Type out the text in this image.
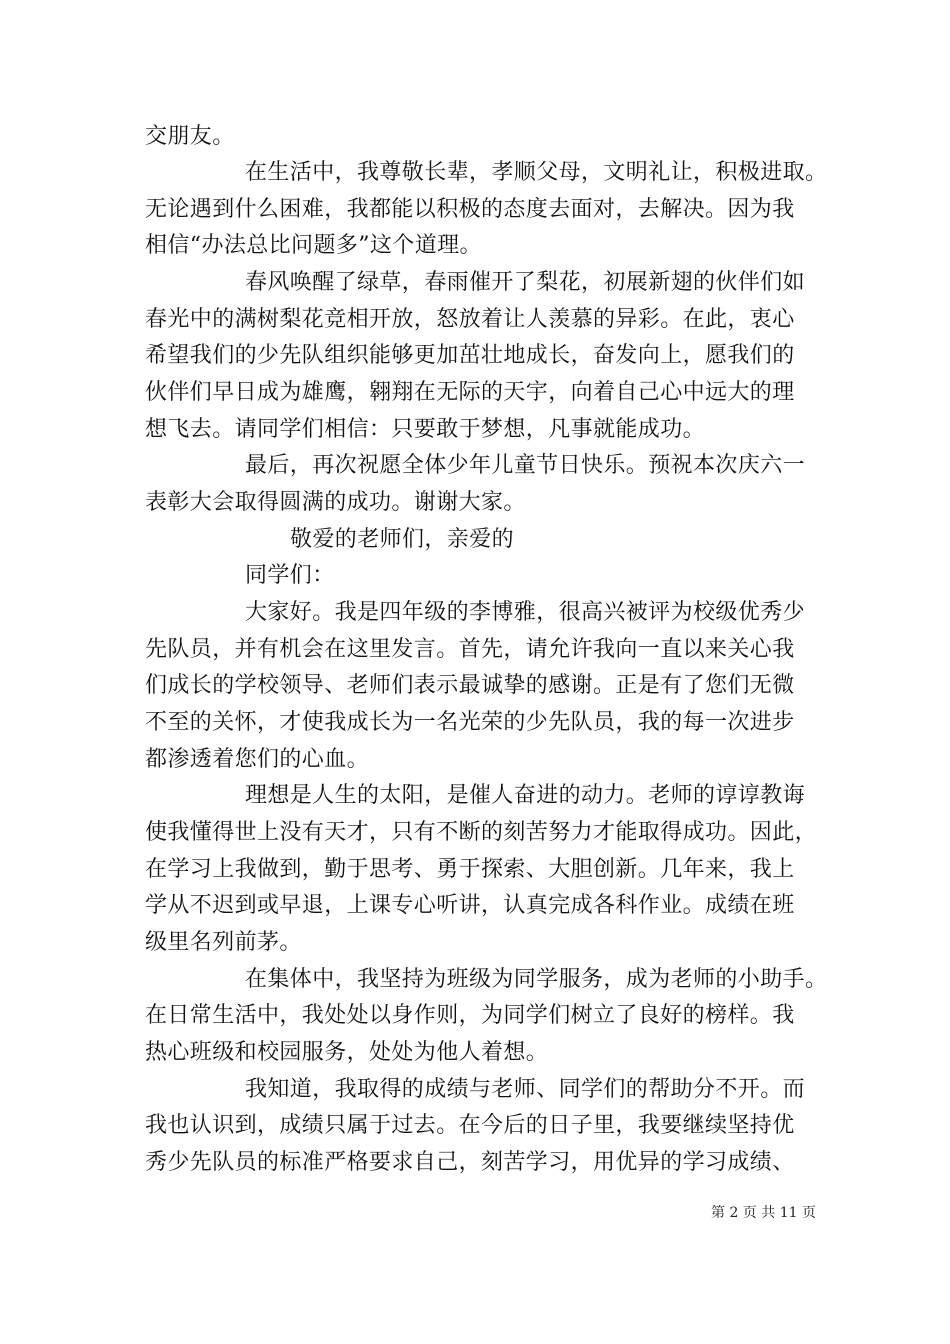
交朋友。
在生活中，我尊敬长辈，孝顺父母，文明礼让，积极进取。
无论遇到什么困难，我都能以积极的态度去面对，去解决。因为我
相信“办法总比问题多”这个道理。
春风唤醒了绿草，春雨催开了梨花，初展新翅的伙伴们如
春光中的满树梨花竞相开放，怒放着让人羡慕的异彩。在此，衷心
希望我们的少先队组织能够更加茁壮地成长，奋发向上，愿我们的
伙伴们早日成为雄鹰，翱翔在无际的天宇，向着自己心中远大的理
想飞去。请同学们相信：只要敢于梦想，凡事就能成功。
最后，再次祝愿全体少年儿童节日快乐。预祝本次庆六一
表彰大会取得圆满的成功。谢谢大家。
敬爱的老师们，亲爱的
同学们：
大家好。我是四年级的李博雅，很高兴被评为校级优秀少
先队员，并有机会在这里发言。首先，请允许我向一直以来关心我
们成长的学校领导、老师们表示最诚挚的感谢。正是有了您们无微
不至的关怀，才使我成长为一名光荣的少先队员，我的每一次进步
都渗透着您们的心血。
理想是人生的太阳，是催人奋进的动力。老师的谆谆教诲
使我懂得世上没有天才，只有不断的刻苦努力才能取得成功。因此，
在学习上我做到，勤于思考、勇于探索、大胆创新。几年来，我上
学从不迟到或早退，上课专心听讲，认真完成各科作业。成绩在班
级里名列前茅。
在集体中，我坚持为班级为同学服务，成为老师的小助手。
在日常生活中，我处处以身作则，为同学们树立了良好的榜样。我
热心班级和校园服务，处处为他人着想。
我知道，我取得的成绩与老师、同学们的帮助分不开。而
我也认识到，成绩只属于过去。在今后的日子里，我要继续坚持优
秀少先队员的标准严格要求自己，刻苦学习，用优异的学习成绩、
第 2 页 共 11 页
